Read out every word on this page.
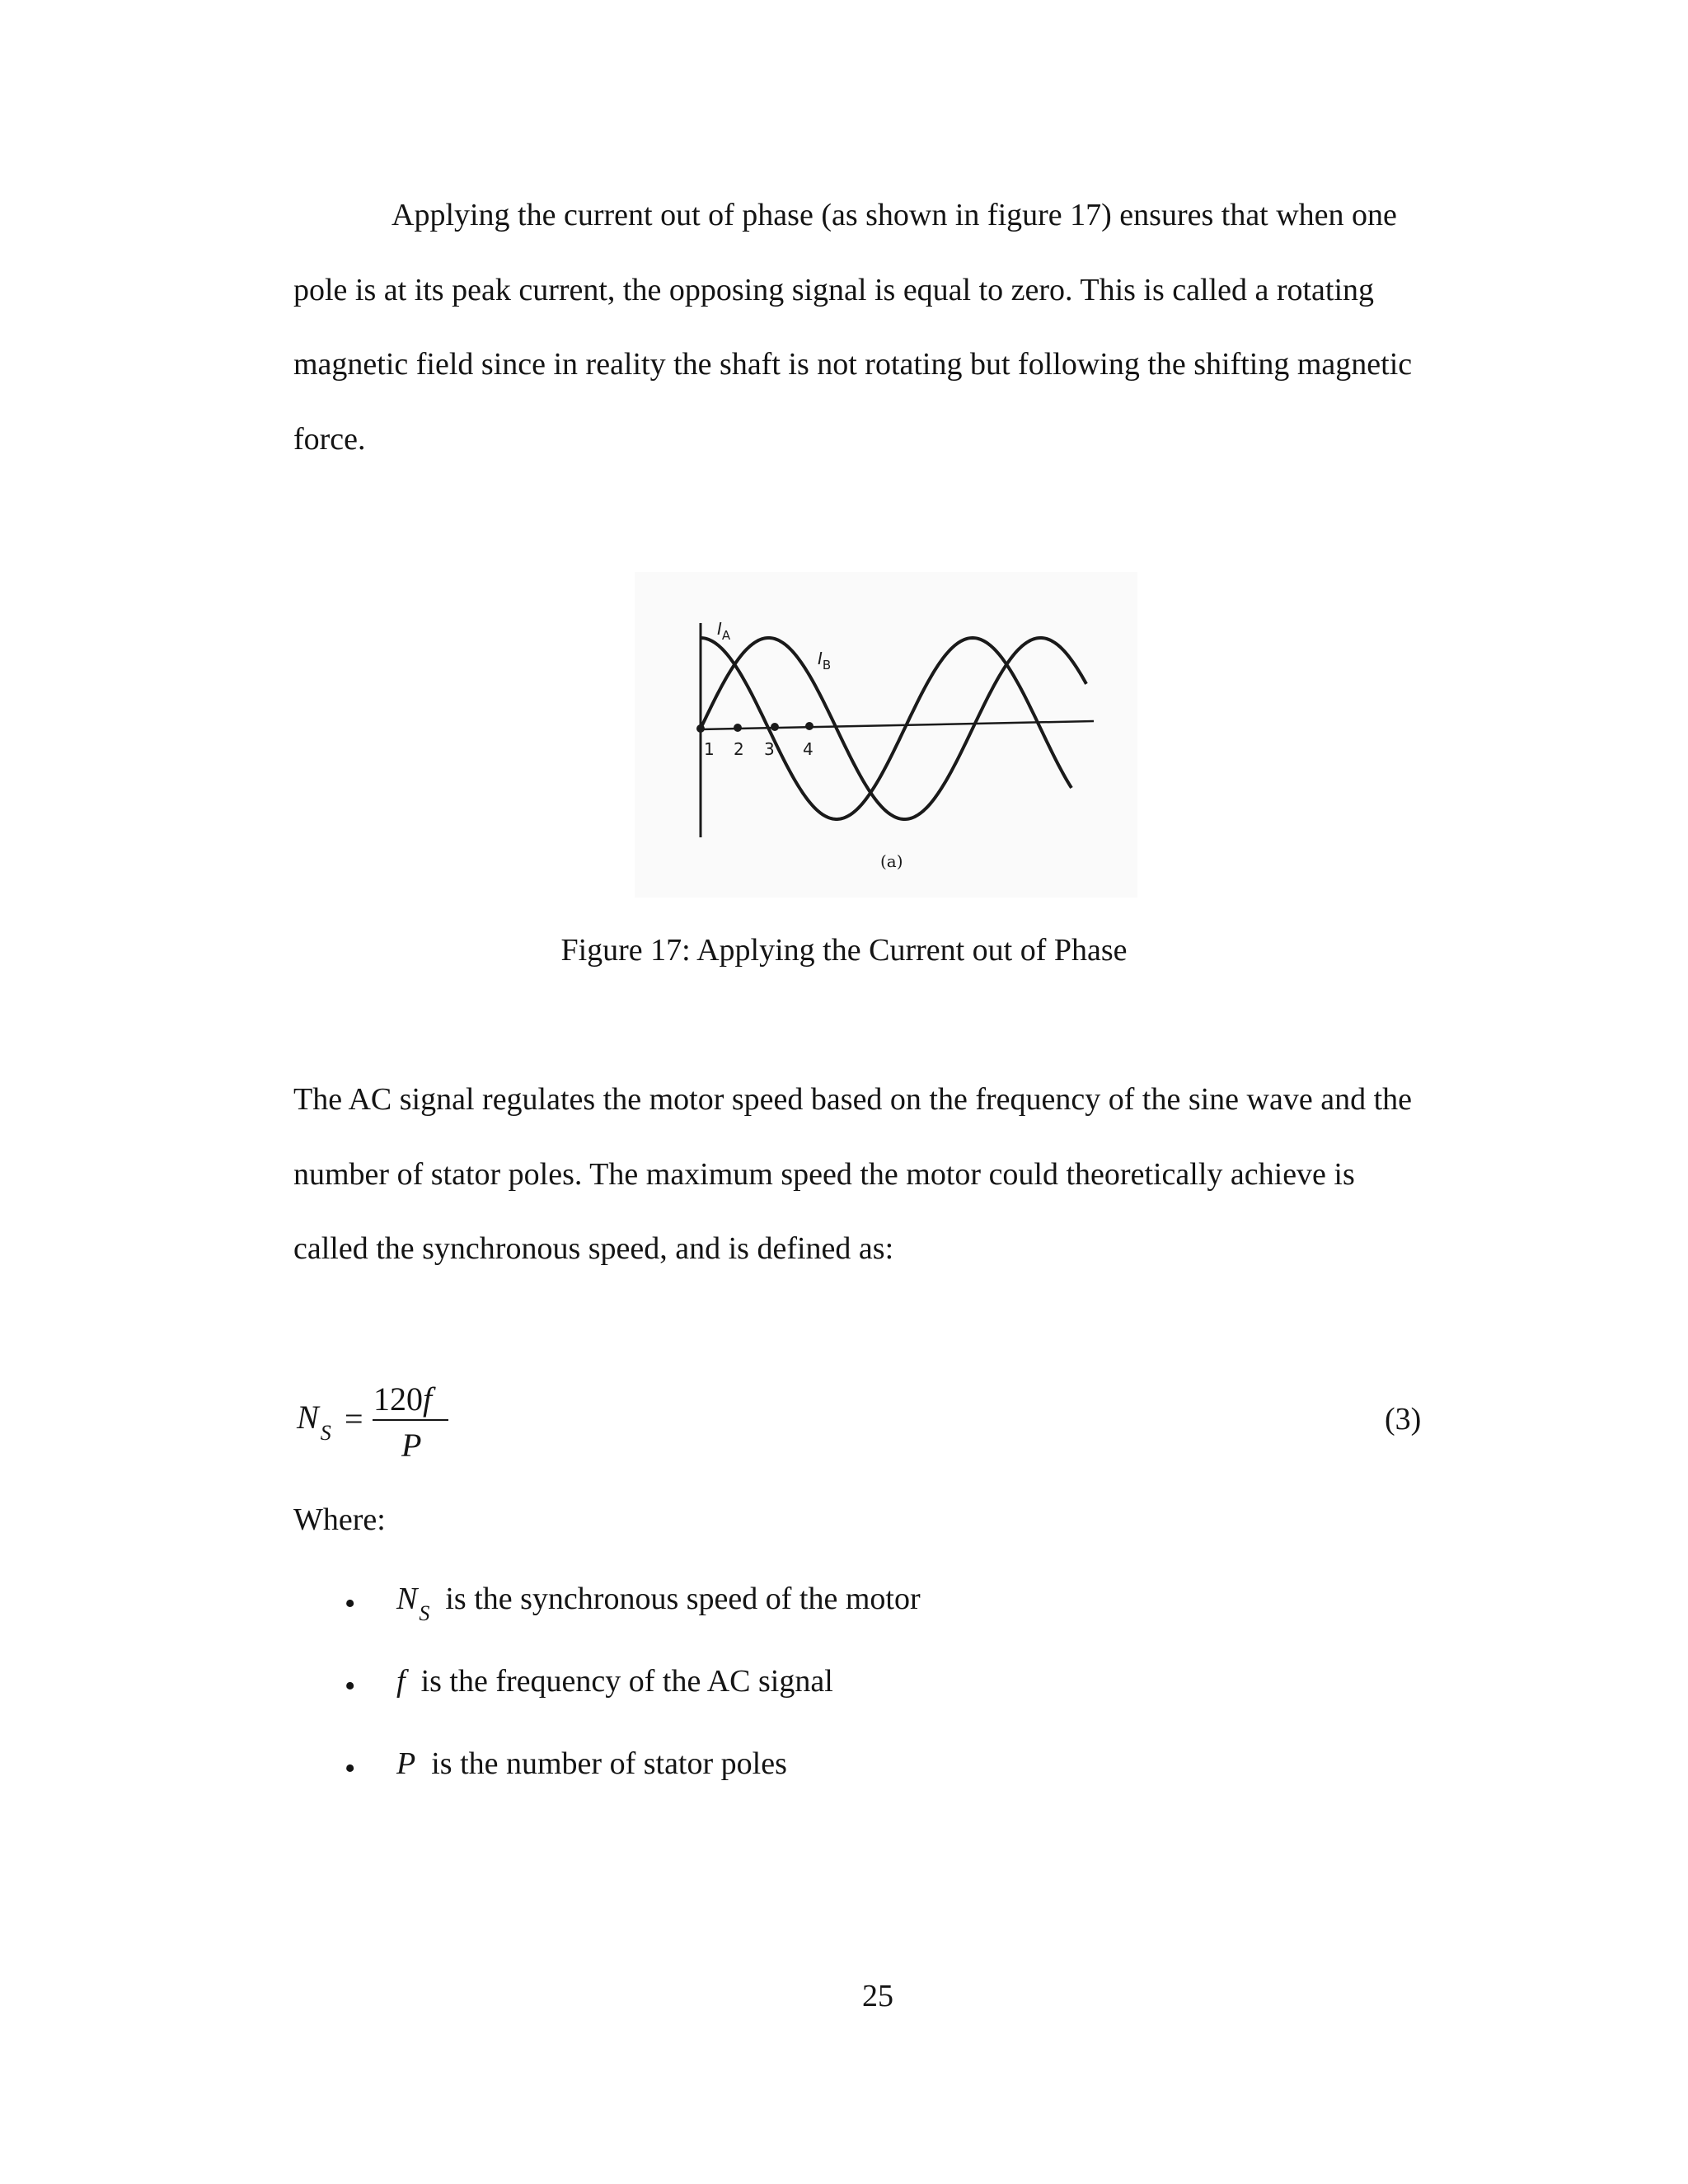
Applying the current out of phase (as shown in figure 17) ensures that when one
pole is at its peak current, the opposing signal is equal to zero. This is called a rotating
magnetic field since in reality the shaft is not rotating but following the shifting magnetic
force.
1 2 3 4
$I_A$
$I_B$
(a)
Figure 17: Applying the Current out of Phase
The AC signal regulates the motor speed based on the frequency of the sine wave and the
number of stator poles. The maximum speed the motor could theoretically achieve is
called the synchronous speed, and is defined as:
$N_S$ =
120f
P
(3)
Where:
• $N_S$ is the synchronous speed of the motor
• f is the frequency of the AC signal
• P is the number of stator poles
25
